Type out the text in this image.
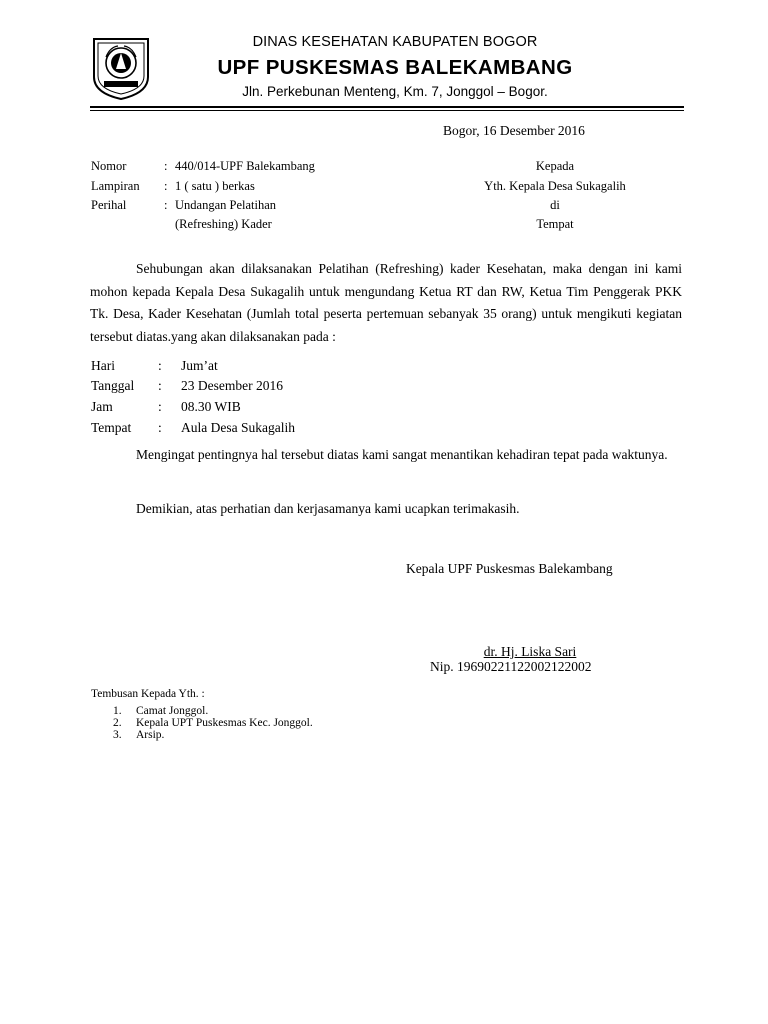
DINAS KESEHATAN KABUPATEN BOGOR
UPF PUSKESMAS BALEKAMBANG
Jln. Perkebunan Menteng, Km. 7, Jonggol – Bogor.
Bogor, 16 Desember 2016
Nomor	: 440/014-UPF Balekambang
Lampiran : 1 ( satu ) berkas
Perihal	: Undangan Pelatihan
(Refreshing) Kader
Kepada
Yth. Kepala Desa Sukagalih
di
Tempat
Sehubungan akan dilaksanakan Pelatihan (Refreshing) kader Kesehatan, maka dengan ini kami mohon kepada Kepala Desa Sukagalih untuk mengundang Ketua RT dan RW, Ketua Tim Penggerak PKK Tk. Desa, Kader Kesehatan (Jumlah total peserta pertemuan sebanyak 35 orang) untuk mengikuti kegiatan tersebut diatas.yang akan dilaksanakan pada :
Hari	: Jum’at
Tanggal : 23 Desember 2016
Jam	: 08.30 WIB
Tempat : Aula Desa Sukagalih
Mengingat pentingnya hal tersebut diatas kami sangat menantikan kehadiran tepat pada waktunya.
Demikian, atas perhatian dan kerjasamanya kami ucapkan terimakasih.
Kepala UPF Puskesmas Balekambang
dr. Hj. Liska Sari
Nip. 19690221122002122002
Tembusan Kepada Yth. :
1. Camat Jonggol.
2. Kepala UPT Puskesmas Kec. Jonggol.
3. Arsip.
